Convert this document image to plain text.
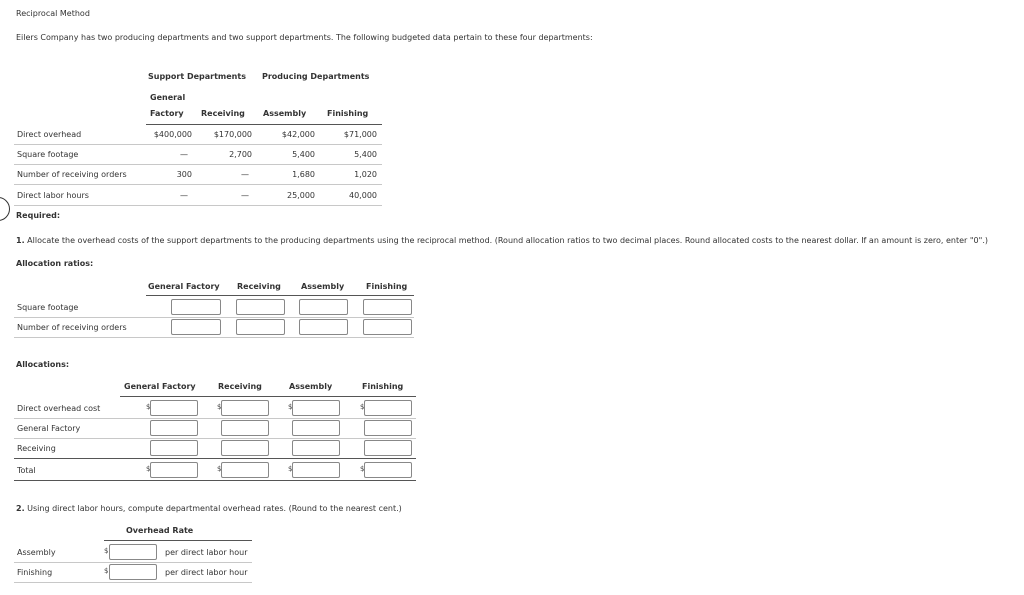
Reciprocal Method
Eilers Company has two producing departments and two support departments. The following budgeted data pertain to these four departments:
Support Departments Producing Departments
General
Factory Receiving Assembly	Finishing
Direct overhead	$400,000	$170,000	$42,000	$71,000
Square footage	—	2,700	5,400	5,400
Number of receiving orders	300	—	1,680	1,020
Direct labor hours	—	—	25,000	40,000
Required:
1. Allocate the overhead costs of the support departments to the producing departments using the reciprocal method. (Round allocation ratios to two decimal places. Round allocated costs to the nearest dollar. If an amount is zero, enter "0".)
Allocation ratios:
General Factory Receiving	Assembly	Finishing
Square footage
Number of receiving orders
Allocations:
General Factory	Receiving	Assembly	Finishing
Direct overhead cost	$	$	$	$
General Factory
Receiving
Total	$	$	$	$
2. Using direct labor hours, compute departmental overhead rates. (Round to the nearest cent.)
Overhead Rate
Assembly	$	per direct labor hour
Finishing	$	per direct labor hour
